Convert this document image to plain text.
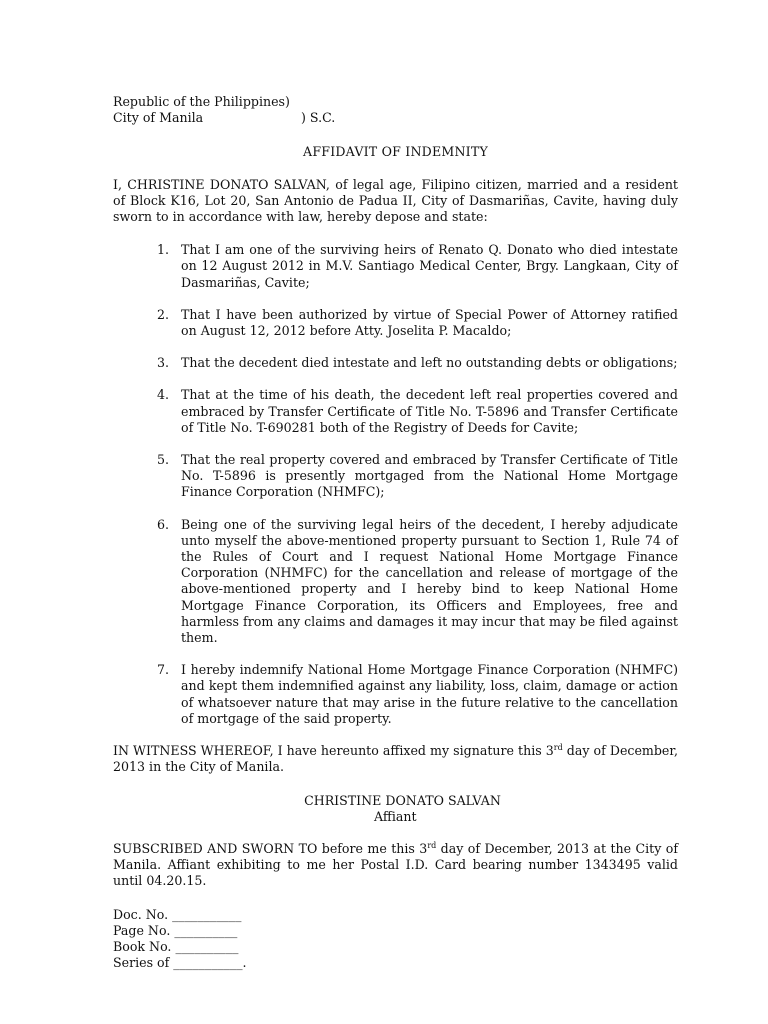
Republic of the Philippines)
City of Manila	) S.C.
AFFIDAVIT OF INDEMNITY

I, CHRISTINE DONATO SALVAN, of legal age, Filipino citizen, married and a resident of Block K16, Lot 20, San Antonio de Padua II, City of Dasmariñas, Cavite, having duly sworn to in accordance with law, hereby depose and state:

1. That I am one of the surviving heirs of Renato Q. Donato who died intestate on 12 August 2012 in M.V. Santiago Medical Center, Brgy. Langkaan, City of Dasmariñas, Cavite;
2. That I have been authorized by virtue of Special Power of Attorney ratified on August 12, 2012 before Atty. Joselita P. Macaldo;
3. That the decedent died intestate and left no outstanding debts or obligations;
4. That at the time of his death, the decedent left real properties covered and embraced by Transfer Certificate of Title No. T-5896 and Transfer Certificate of Title No. T-690281 both of the Registry of Deeds for Cavite;
5. That the real property covered and embraced by Transfer Certificate of Title No. T-5896 is presently mortgaged from the National Home Mortgage Finance Corporation (NHMFC);
6. Being one of the surviving legal heirs of the decedent, I hereby adjudicate unto myself the above-mentioned property pursuant to Section 1, Rule 74 of the Rules of Court and I request National Home Mortgage Finance Corporation (NHMFC) for the cancellation and release of mortgage of the above-mentioned property and I hereby bind to keep National Home Mortgage Finance Corporation, its Officers and Employees, free and harmless from any claims and damages it may incur that may be filed against them.
7. I hereby indemnify National Home Mortgage Finance Corporation (NHMFC) and kept them indemnified against any liability, loss, claim, damage or action of whatsoever nature that may arise in the future relative to the cancellation of mortgage of the said property.

IN WITNESS WHEREOF, I have hereunto affixed my signature this 3rd day of December, 2013 in the City of Manila.

CHRISTINE DONATO SALVAN
Affiant

SUBSCRIBED AND SWORN TO before me this 3rd day of December, 2013 at the City of Manila. Affiant exhibiting to me her Postal I.D. Card bearing number 1343495 valid until 04.20.15.

Doc. No. ___________
Page No. __________
Book No. __________
Series of ___________.
